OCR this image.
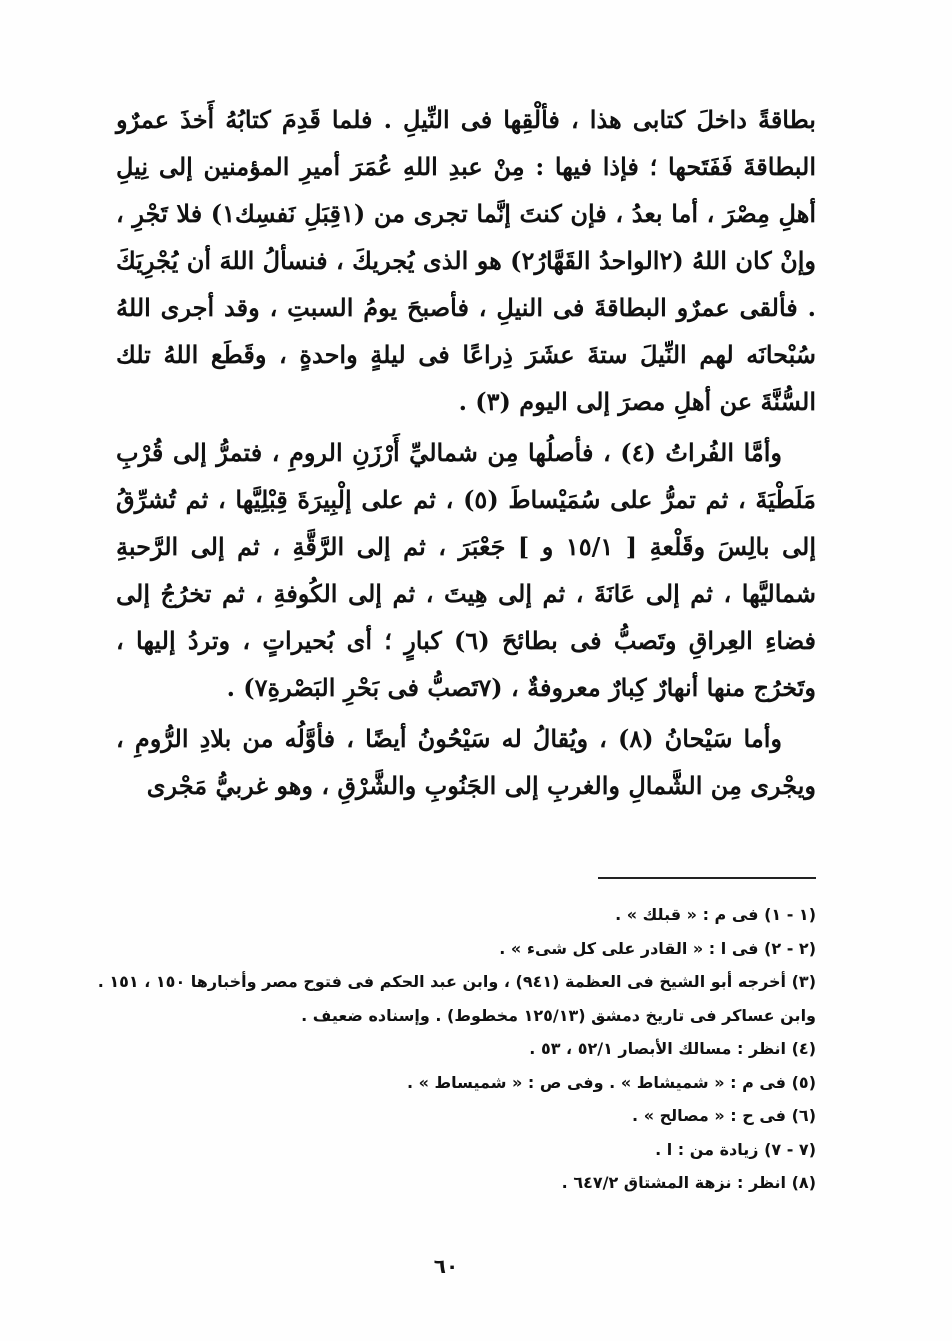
بطاقةً داخلَ كتابى هذا ، فألْقِها فى النِّيلِ . فلما قَدِمَ كتابُهُ أَخذَ عمرٌو البطاقةَ فَفَتَحها ؛ فإذا فيها : مِنْ عبدِ اللهِ عُمَرَ أميرِ المؤمنين إلى نِيلِ أهلِ مِصْرَ ، أما بعدُ ، فإن كنتَ إنَّما تجرى من (١قِبَلِ نَفسِك١) فلا تَجْرِ ، وإنْ كان اللهُ (٢الواحدُ القَهَّارُ٢) هو الذى يُجريكَ ، فنسألُ اللهَ أن يُجْرِيَكَ . فألقى عمرٌو البطاقةَ فى النيلِ ، فأصبحَ يومُ السبتِ ، وقد أجرى اللهُ سُبْحانَه لهم النِّيلَ ستةَ عشَرَ ذِراعًا فى ليلةٍ واحدةٍ ، وقَطَع اللهُ تلك السُّنَّةَ عن أهلِ مصرَ إلى اليوم (٣) .

وأمَّا الفُراتُ (٤) ، فأصلُها مِن شماليِّ أَرْزَنِ الرومِ ، فتمرُّ إلى قُرْبِ مَلَطْيَةَ ، ثم تمرُّ على سُمَيْساطَ (٥) ، ثم على إلْبِيرَةَ قِبْلِيَّها ، ثم تُشرِّقُ إلى بالِسَ وقَلْعةِ [ ١٥/١ و ] جَعْبَرَ ، ثم إلى الرَّقَّةِ ، ثم إلى الرَّحبةِ شماليَّها ، ثم إلى عَانَةَ ، ثم إلى هِيتَ ، ثم إلى الكُوفةِ ، ثم تخرُجُ إلى فضاءِ العِراقِ وتَصبُّ فى بطائحَ (٦) كبارٍ ؛ أى بُحيراتٍ ، وتردُ إليها ، وتَخرُج منها أنهارٌ كِبارٌ معروفةٌ ، (٧تَصبُّ فى بَحْرِ البَصْرةِ٧) .

وأما سَيْحانُ (٨) ، ويُقالُ له سَيْحُونُ أيضًا ، فأوَّلُه من بلادِ الرُّومِ ، ويجْرى مِن الشَّمالِ والغربِ إلى الجَنُوبِ والشَّرْقِ ، وهو غربيُّ مَجْرى

(١ - ١) فى م : « قبلك » .
(٢ - ٢) فى ا : « القادر على كل شىء » .
(٣) أخرجه أبو الشيخ فى العظمة (٩٤١) ، وابن عبد الحكم فى فتوح مصر وأخبارها ١٥٠ ، ١٥١ .
وابن عساكر فى تاريخ دمشق (١٢٥/١٣ مخطوط) . وإسناده ضعيف .
(٤) انظر : مسالك الأبصار ٥٢/١ ، ٥٣ .
(٥) فى م : « شميشاط » . وفى ص : « شميساط » .
(٦) فى ح : « مصالح » .
(٧ - ٧) زيادة من : ا .
(٨) انظر : نزهة المشتاق ٦٤٧/٢ .
٦٠
